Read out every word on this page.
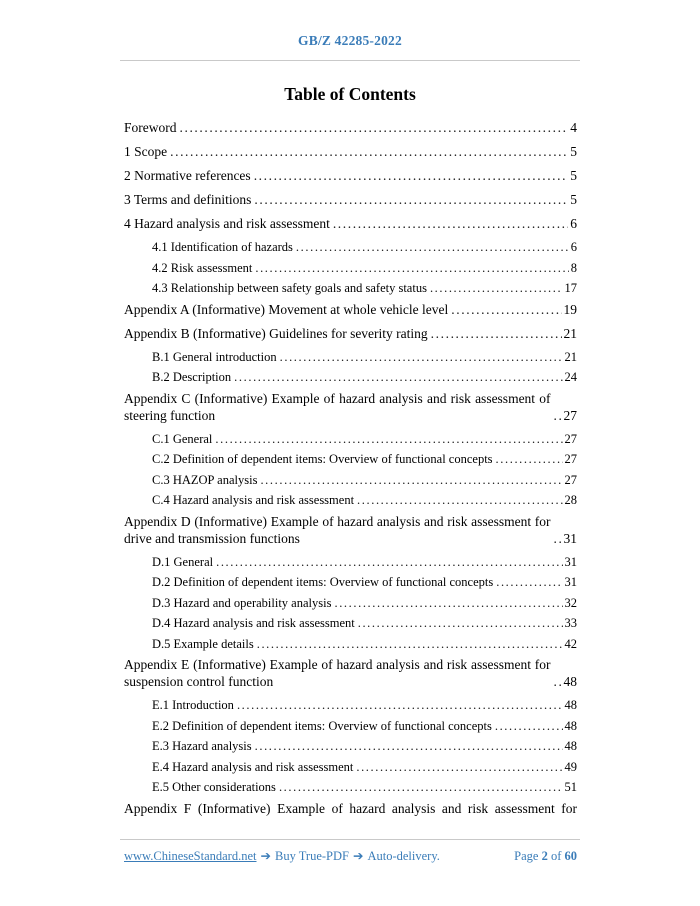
GB/Z 42285-2022
Table of Contents
Foreword .....	4
1 Scope .....	5
2 Normative references .....	5
3 Terms and definitions .....	5
4 Hazard analysis and risk assessment .....	6
4.1 Identification of hazards .....	6
4.2 Risk assessment .....	8
4.3 Relationship between safety goals and safety status .....	17
Appendix A (Informative) Movement at whole vehicle level .....	19
Appendix B (Informative) Guidelines for severity rating .....	21
B.1 General introduction .....	21
B.2 Description .....	24
Appendix C (Informative) Example of hazard analysis and risk assessment of steering function .....	27
C.1 General .....	27
C.2 Definition of dependent items: Overview of functional concepts .....	27
C.3 HAZOP analysis .....	27
C.4 Hazard analysis and risk assessment .....	28
Appendix D (Informative) Example of hazard analysis and risk assessment for drive and transmission functions .....	31
D.1 General .....	31
D.2 Definition of dependent items: Overview of functional concepts .....	31
D.3 Hazard and operability analysis .....	32
D.4 Hazard analysis and risk assessment .....	33
D.5 Example details .....	42
Appendix E (Informative) Example of hazard analysis and risk assessment for suspension control function .....	48
E.1 Introduction .....	48
E.2 Definition of dependent items: Overview of functional concepts .....	48
E.3 Hazard analysis .....	48
E.4 Hazard analysis and risk assessment .....	49
E.5 Other considerations .....	51
Appendix F (Informative) Example of hazard analysis and risk assessment for
www.ChineseStandard.net ➔ Buy True-PDF ➔ Auto-delivery.	Page 2 of 60
